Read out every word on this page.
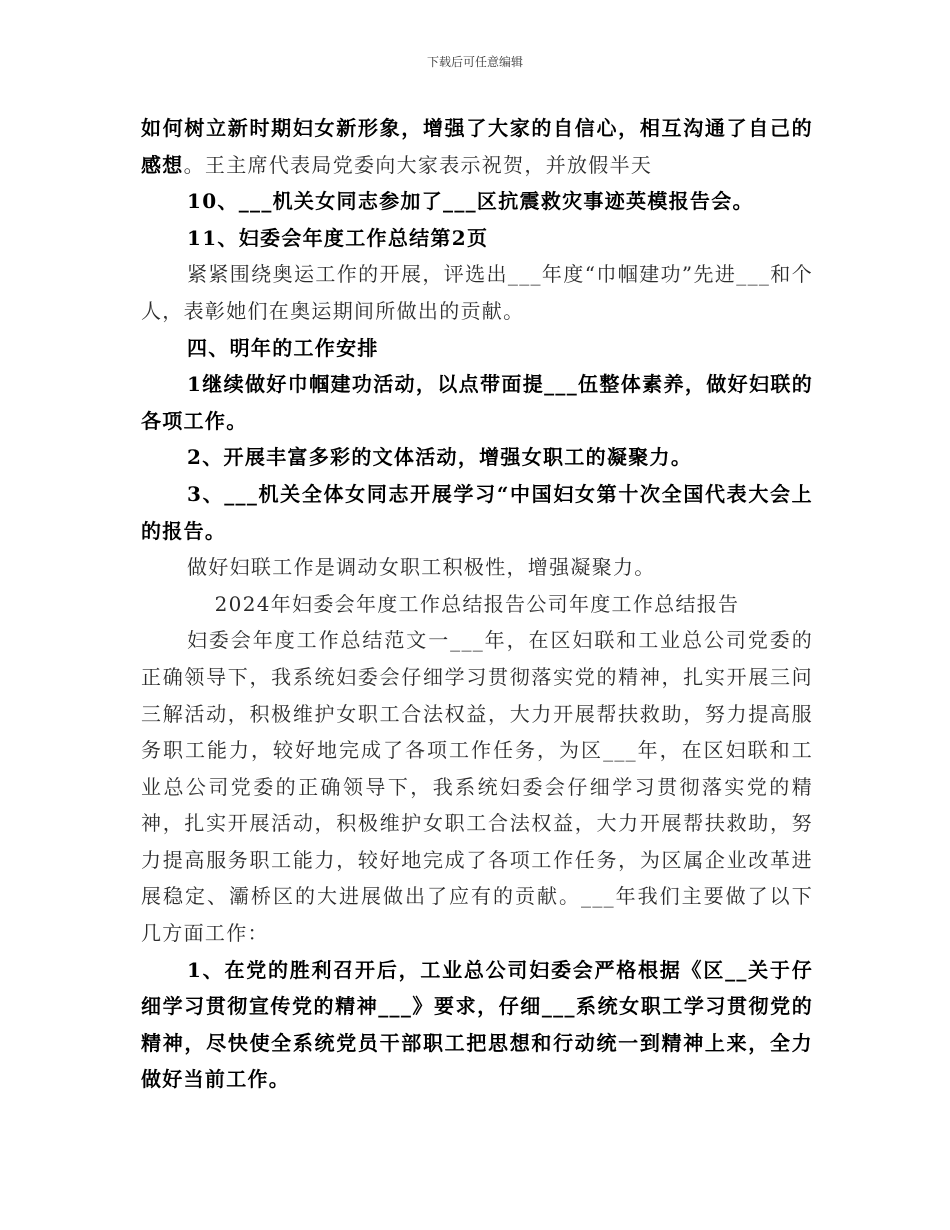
下载后可任意编辑

如何树立新时期妇女新形象，增强了大家的自信心，相互沟通了自己的感想。王主席代表局党委向大家表示祝贺，并放假半天

10、___机关女同志参加了___区抗震救灾事迹英模报告会。

11、妇委会年度工作总结第2页

紧紧围绕奥运工作的开展，评选出___年度“巾帼建功”先进___和个人，表彰她们在奥运期间所做出的贡献。

四、明年的工作安排

1继续做好巾帼建功活动，以点带面提___伍整体素养，做好妇联的各项工作。

2、开展丰富多彩的文体活动，增强女职工的凝聚力。

3、___机关全体女同志开展学习“中国妇女第十次全国代表大会上的报告。

做好妇联工作是调动女职工积极性，增强凝聚力。

2024年妇委会年度工作总结报告公司年度工作总结报告

妇委会年度工作总结范文一___年，在区妇联和工业总公司党委的正确领导下，我系统妇委会仔细学习贯彻落实党的精神，扎实开展三问三解活动，积极维护女职工合法权益，大力开展帮扶救助，努力提高服务职工能力，较好地完成了各项工作任务，为区___年，在区妇联和工业总公司党委的正确领导下，我系统妇委会仔细学习贯彻落实党的精神，扎实开展活动，积极维护女职工合法权益，大力开展帮扶救助，努力提高服务职工能力，较好地完成了各项工作任务，为区属企业改革进展稳定、灞桥区的大进展做出了应有的贡献。___年我们主要做了以下几方面工作：

1、在党的胜利召开后，工业总公司妇委会严格根据《区__关于仔细学习贯彻宣传党的精神___》要求，仔细___系统女职工学习贯彻党的精神，尽快使全系统党员干部职工把思想和行动统一到精神上来，全力做好当前工作。
